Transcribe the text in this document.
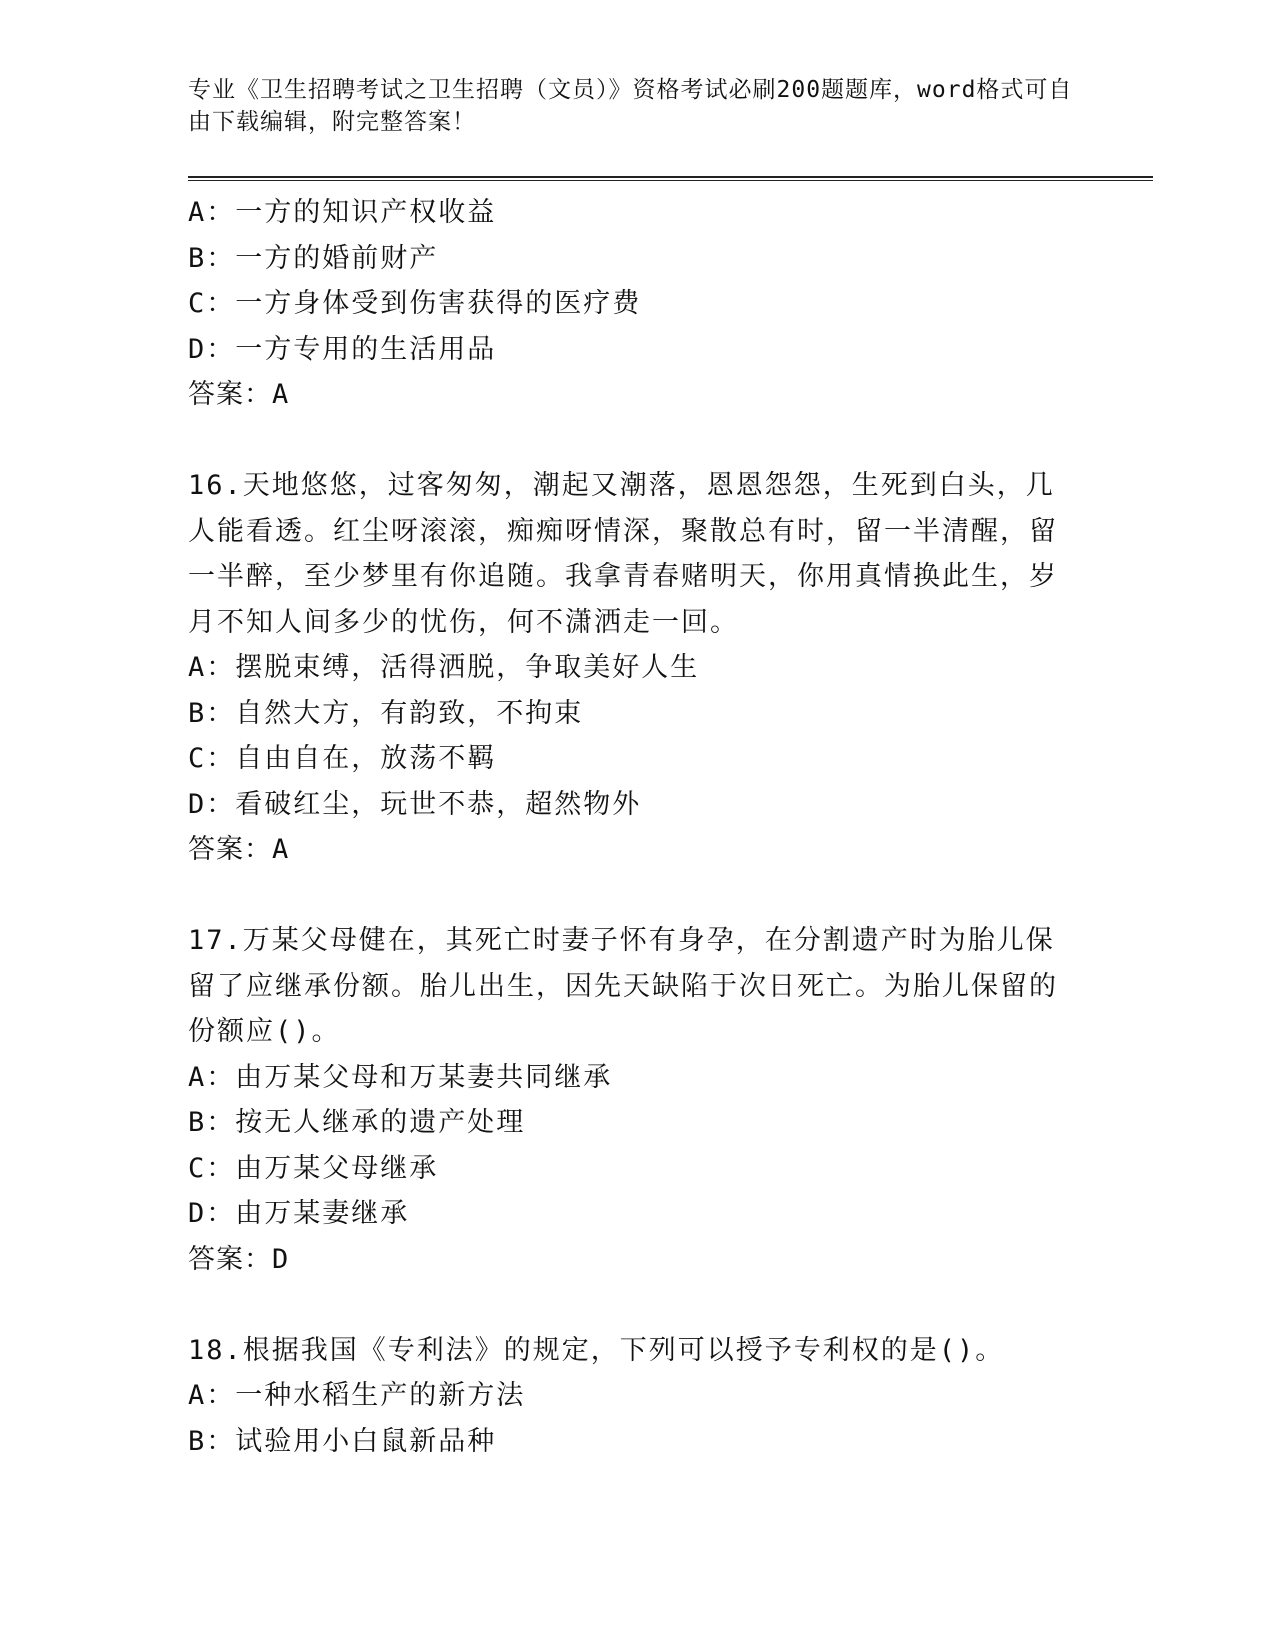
专业《卫生招聘考试之卫生招聘（文员）》资格考试必刷200题题库，word格式可自由下载编辑，附完整答案！
A：一方的知识产权收益
B：一方的婚前财产
C：一方身体受到伤害获得的医疗费
D：一方专用的生活用品
答案：A
16.天地悠悠，过客匆匆，潮起又潮落，恩恩怨怨，生死到白头，几人能看透。红尘呀滚滚，痴痴呀情深，聚散总有时，留一半清醒，留一半醉，至少梦里有你追随。我拿青春赌明天，你用真情换此生，岁月不知人间多少的忧伤，何不潇洒走一回。
A：摆脱束缚，活得洒脱，争取美好人生
B：自然大方，有韵致，不拘束
C：自由自在，放荡不羁
D：看破红尘，玩世不恭，超然物外
答案：A
17.万某父母健在，其死亡时妻子怀有身孕，在分割遗产时为胎儿保留了应继承份额。胎儿出生，因先天缺陷于次日死亡。为胎儿保留的份额应()。
A：由万某父母和万某妻共同继承
B：按无人继承的遗产处理
C：由万某父母继承
D：由万某妻继承
答案：D
18.根据我国《专利法》的规定，下列可以授予专利权的是()。
A：一种水稻生产的新方法
B：试验用小白鼠新品种
